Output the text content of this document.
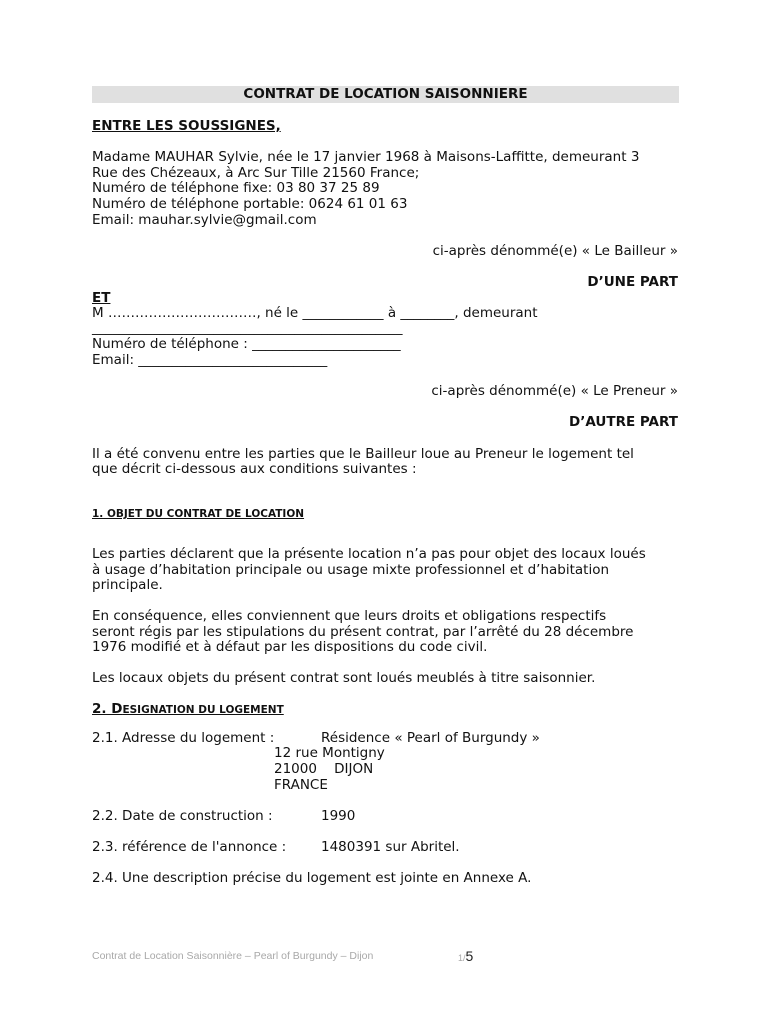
CONTRAT DE LOCATION SAISONNIERE
ENTRE LES SOUSSIGNES,
Madame MAUHAR Sylvie, née le 17 janvier 1968 à Maisons-Laffitte, demeurant 3
Rue des Chézeaux, à Arc Sur Tille 21560 France;
Numéro de téléphone fixe: 03 80 37 25 89
Numéro de téléphone portable: 0624 61 01 63
Email: mauhar.sylvie@gmail.com
ci-après dénommé(e) « Le Bailleur »
D’UNE PART
ET
M ……………………………, né le ____________ à ________, demeurant
______________________________________________
Numéro de téléphone : ______________________
Email: ____________________________
ci-après dénommé(e) « Le Preneur »
D’AUTRE PART
Il a été convenu entre les parties que le Bailleur loue au Preneur le logement tel
que décrit ci-dessous aux conditions suivantes :
1. OBJET DU CONTRAT DE LOCATION
Les parties déclarent que la présente location n’a pas pour objet des locaux loués
à usage d’habitation principale ou usage mixte professionnel et d’habitation
principale.
En conséquence, elles conviennent que leurs droits et obligations respectifs
seront régis par les stipulations du présent contrat, par l’arrêté du 28 décembre
1976 modifié et à défaut par les dispositions du code civil.
Les locaux objets du présent contrat sont loués meublés à titre saisonnier.
2. DESIGNATION DU LOGEMENT
2.1. Adresse du logement :	Résidence « Pearl of Burgundy »
12 rue Montigny
21000    DIJON
FRANCE
2.2. Date de construction :	1990
2.3. référence de l'annonce :	1480391 sur Abritel.
2.4. Une description précise du logement est jointe en Annexe A.
Contrat de Location Saisonnière – Pearl of Burgundy – Dijon	1/5
